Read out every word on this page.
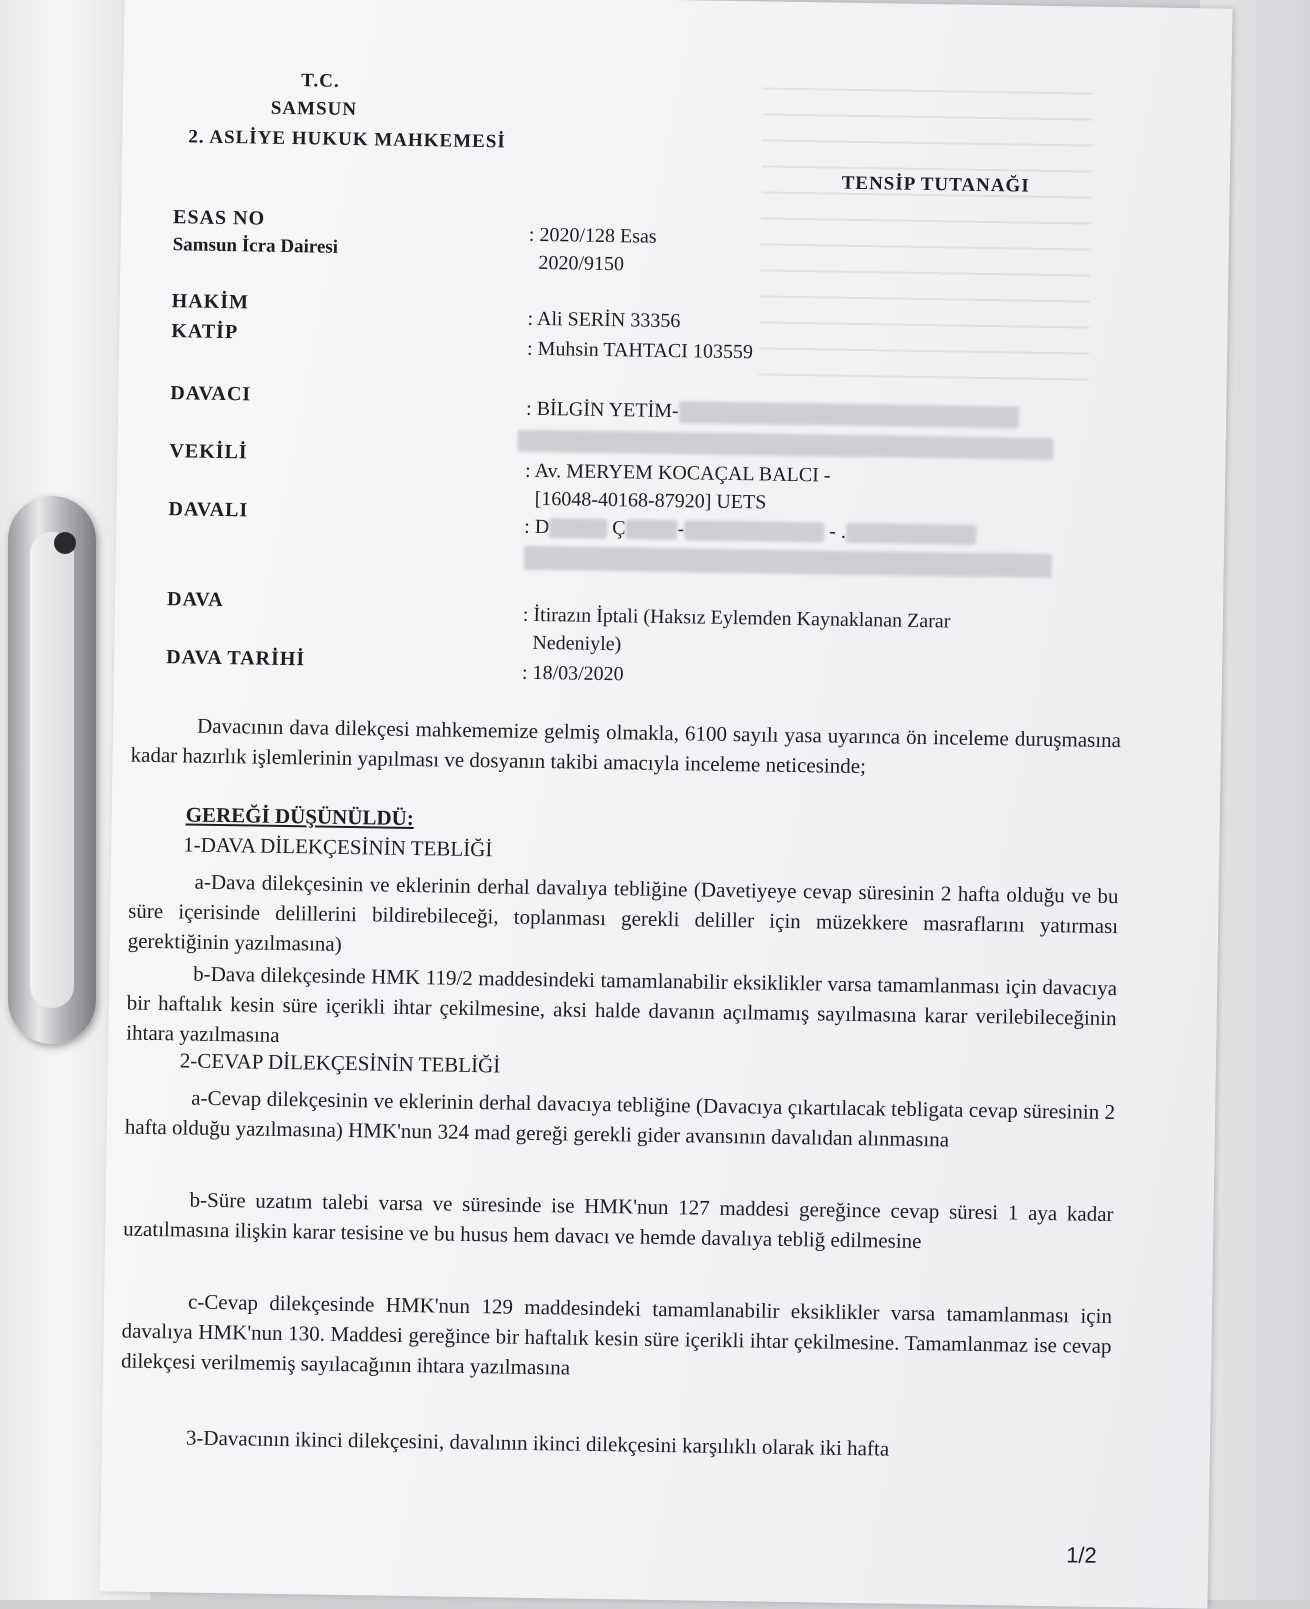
T.C.
SAMSUN
2. ASLİYE HUKUK MAHKEMESİ
TENSİP TUTANAĞI
ESAS NO
: 2020/128 Esas
Samsun İcra Dairesi
2020/9150
HAKİM
: Ali SERİN 33356
KATİP
: Muhsin TAHTACI 103559
DAVACI
: BİLGİN YETİM-
VEKİLİ
: Av. MERYEM KOCAÇAL BALCI -
[16048-40168-87920] UETS
DAVALI
: D	Ç	-	- .
DAVA
: İtirazın İptali (Haksız Eylemden Kaynaklanan Zarar
Nedeniyle)
DAVA TARİHİ
: 18/03/2020
Davacının dava dilekçesi mahkememize gelmiş olmakla, 6100 sayılı yasa uyarınca ön inceleme duruşmasına kadar hazırlık işlemlerinin yapılması ve dosyanın takibi amacıyla inceleme neticesinde;
GEREĞİ DÜŞÜNÜLDÜ:
1-DAVA DİLEKÇESİNİN TEBLİĞİ
a-Dava dilekçesinin ve eklerinin derhal davalıya tebliğine (Davetiyeye cevap süresinin 2 hafta olduğu ve bu süre içerisinde delillerini bildirebileceği, toplanması gerekli deliller için müzekkere masraflarını yatırması gerektiğinin yazılmasına)
b-Dava dilekçesinde HMK 119/2 maddesindeki tamamlanabilir eksiklikler varsa tamamlanması için davacıya bir haftalık kesin süre içerikli ihtar çekilmesine, aksi halde davanın açılmamış sayılmasına karar verilebileceğinin ihtara yazılmasına
2-CEVAP DİLEKÇESİNİN TEBLİĞİ
a-Cevap dilekçesinin ve eklerinin derhal davacıya tebliğine (Davacıya çıkartılacak tebligata cevap süresinin 2 hafta olduğu yazılmasına) HMK'nun 324 mad gereği gerekli gider avansının davalıdan alınmasına
b-Süre uzatım talebi varsa ve süresinde ise HMK'nun 127 maddesi gereğince cevap süresi 1 aya kadar uzatılmasına ilişkin karar tesisine ve bu husus hem davacı ve hemde davalıya tebliğ edilmesine
c-Cevap dilekçesinde HMK'nun 129 maddesindeki tamamlanabilir eksiklikler varsa tamamlanması için davalıya HMK'nun 130. Maddesi gereğince bir haftalık kesin süre içerikli ihtar çekilmesine. Tamamlanmaz ise cevap dilekçesi verilmemiş sayılacağının ihtara yazılmasına
3-Davacının ikinci dilekçesini, davalının ikinci dilekçesini karşılıklı olarak iki hafta
1/2
